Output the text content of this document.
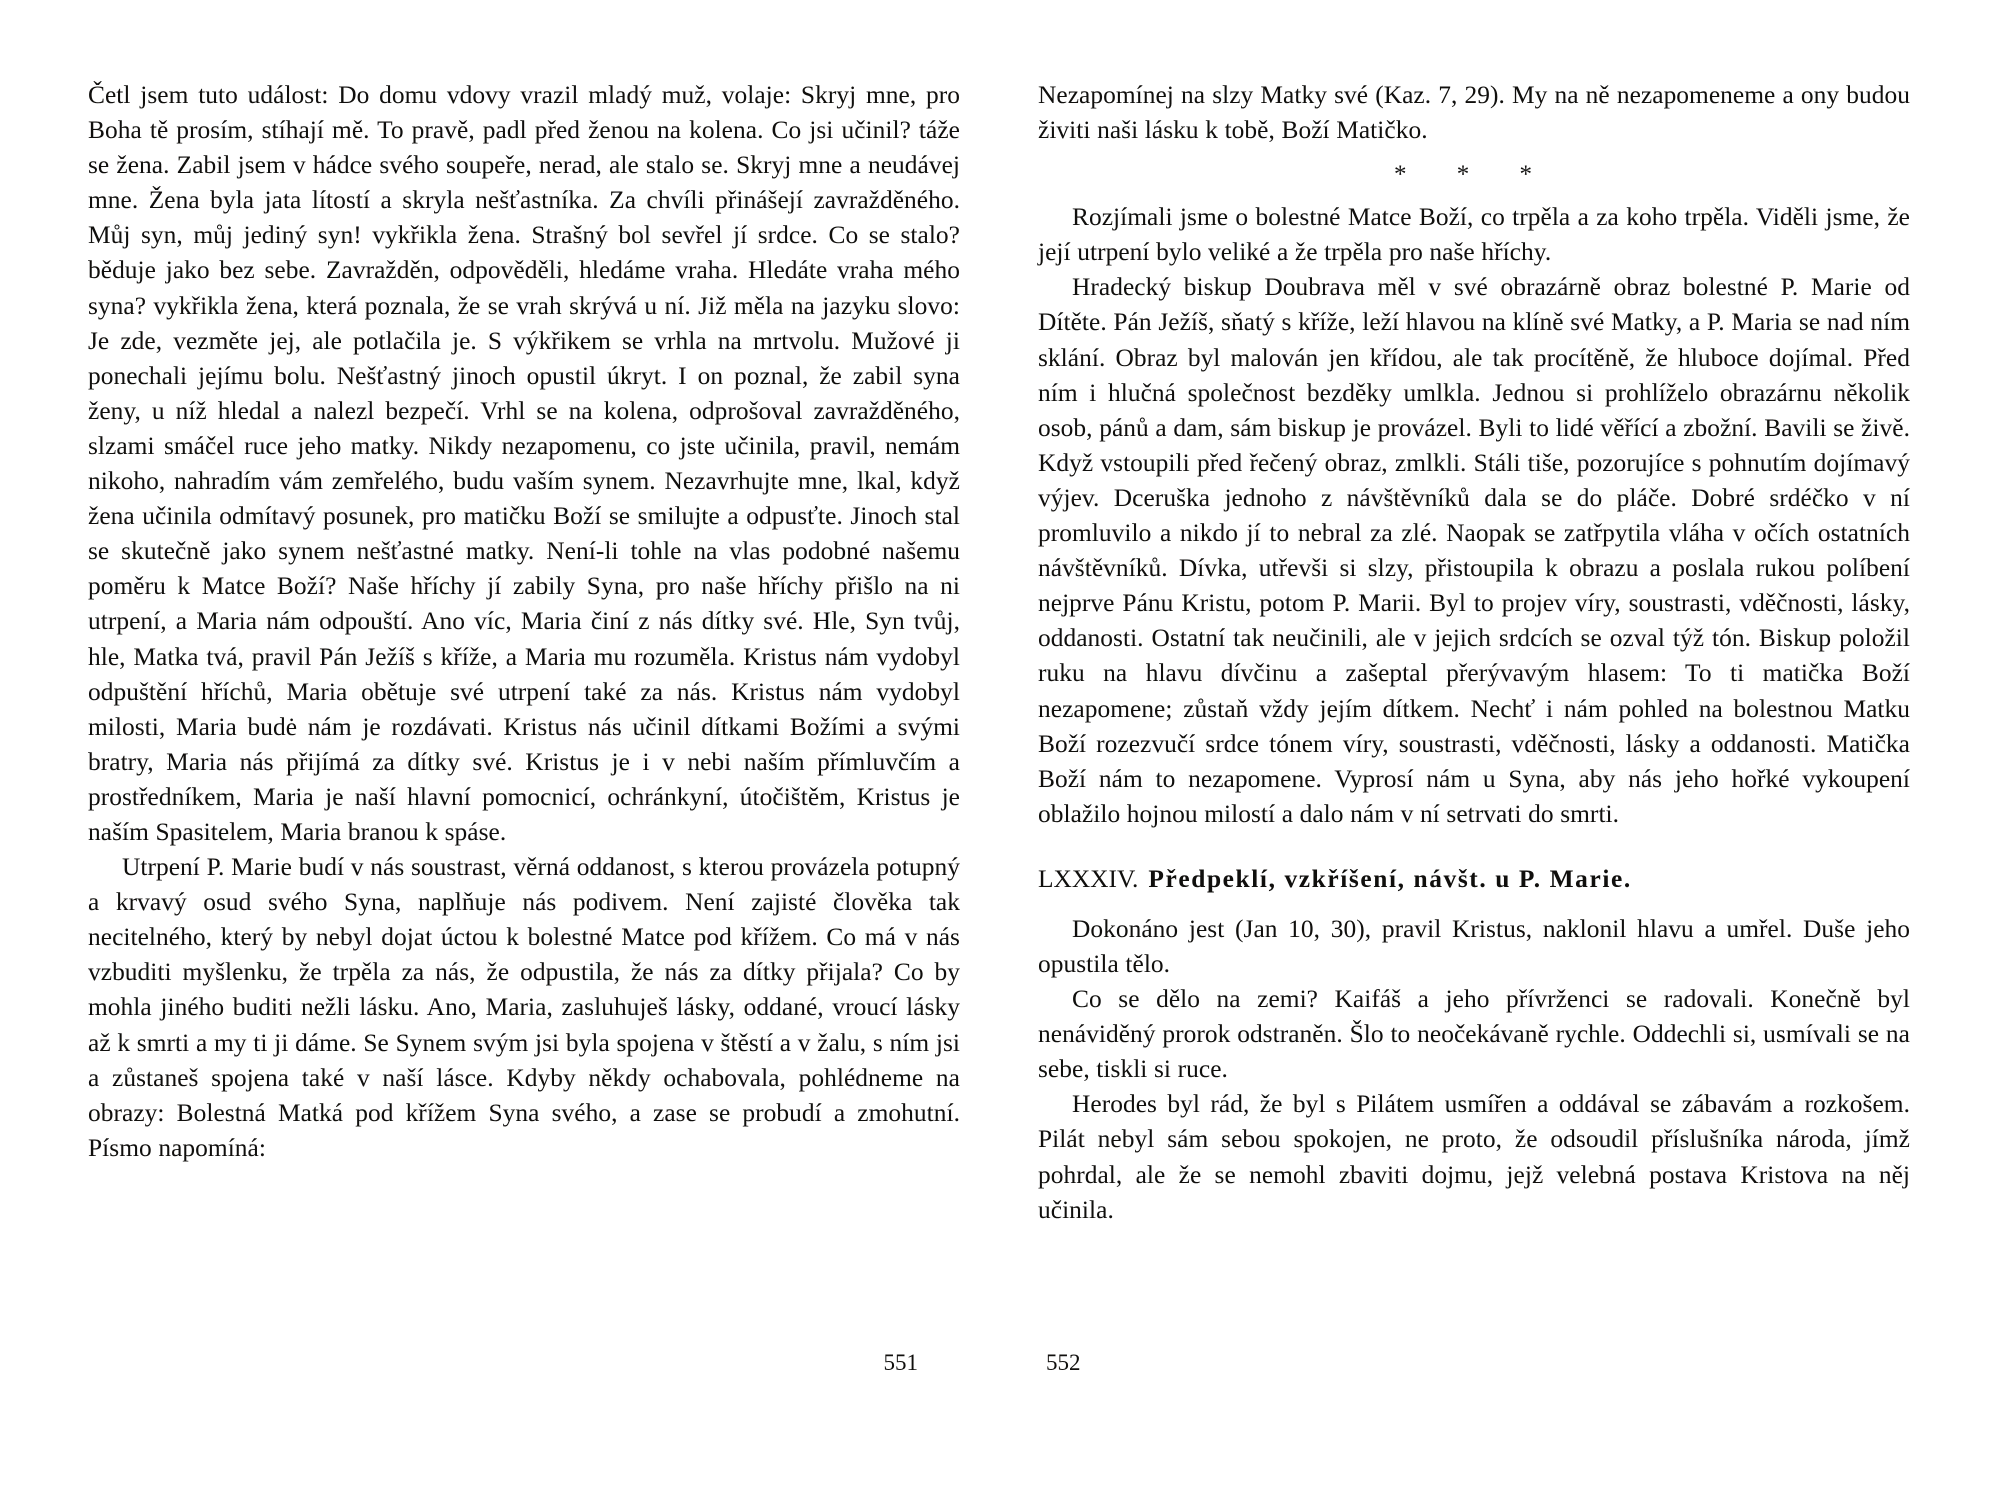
Četl jsem tuto událost: Do domu vdovy vrazil mladý muž, volaje: Skryj mne, pro Boha tě prosím, stíhají mě. To pravě, padl před ženou na kolena. Co jsi učinil? táže se žena. Zabil jsem v hádce svého soupeře, nerad, ale stalo se. Skryj mne a neudávej mne. Žena byla jata lítostí a skryla nešťastníka. Za chvíli přinášejí zavražděného. Můj syn, můj jediný syn! vykřikla žena. Strašný bol sevřel jí srdce. Co se stalo? běduje jako bez sebe. Zavražděn, odpověděli, hledáme vraha. Hledáte vraha mého syna? vykřikla žena, která poznala, že se vrah skrývá u ní. Již měla na jazyku slovo: Je zde, vezměte jej, ale potlačila je. S výkřikem se vrhla na mrtvolu. Mužové ji ponechali jejímu bolu. Nešťastný jinoch opustil úkryt. I on poznal, že zabil syna ženy, u níž hledal a nalezl bezpečí. Vrhl se na kolena, odprošoval zavražděného, slzami smáčel ruce jeho matky. Nikdy nezapomenu, co jste učinila, pravil, nemám nikoho, nahradím vám zemřelého, budu vaším synem. Nezavrhujte mne, lkal, když žena učinila odmítavý posunek, pro matičku Boží se smilujte a odpusťte. Jinoch stal se skutečně jako synem nešťastné matky. Není-li tohle na vlas podobné našemu poměru k Matce Boží? Naše hříchy jí zabily Syna, pro naše hříchy přišlo na ni utrpení, a Maria nám odpouští. Ano víc, Maria činí z nás dítky své. Hle, Syn tvůj, hle, Matka tvá, pravil Pán Ježíš s kříže, a Maria mu rozuměla. Kristus nám vydobyl odpuštění hříchů, Maria obětuje své utrpení také za nás. Kristus nám vydobyl milosti, Maria budė nám je rozdávati. Kristus nás učinil dítkami Božími a svými bratry, Maria nás přijímá za dítky své. Kristus je i v nebi naším přímluvčím a prostředníkem, Maria je naší hlavní pomocnicí, ochránkyní, útočištěm, Kristus je naším Spasitelem, Maria branou k spáse.

Utrpení P. Marie budí v nás soustrast, věrná oddanost, s kterou provázela potupný a krvavý osud svého Syna, naplňuje nás podivem. Není zajisté člověka tak necitelného, který by nebyl dojat úctou k bolestné Matce pod křížem. Co má v nás vzbuditi myšlenku, že trpěla za nás, že odpustila, že nás za dítky přijala? Co by mohla jiného buditi nežli lásku. Ano, Maria, zasluhuješ lásky, oddané, vroucí lásky až k smrti a my ti ji dáme. Se Synem svým jsi byla spojena v štěstí a v žalu, s ním jsi a zůstaneš spojena také v naší lásce. Kdyby někdy ochabovala, pohlédneme na obrazy: Bolestná Matká pod křížem Syna svého, a zase se probudí a zmohutní. Písmo napomíná:

Nezapomínej na slzy Matky své (Kaz. 7, 29). My na ně nezapomeneme a ony budou živiti naši lásku k tobě, Boží Matičko.

* * *

Rozjímali jsme o bolestné Matce Boží, co trpěla a za koho trpěla. Viděli jsme, že její utrpení bylo veliké a že trpěla pro naše hříchy.

Hradecký biskup Doubrava měl v své obrazárně obraz bolestné P. Marie od Dítěte. Pán Ježíš, sňatý s kříže, leží hlavou na klíně své Matky, a P. Maria se nad ním sklání. Obraz byl malován jen křídou, ale tak procítěně, že hluboce dojímal. Před ním i hlučná společnost bezděky umlkla. Jednou si prohlíželo obrazárnu několik osob, pánů a dam, sám biskup je provázel. Byli to lidé věřící a zbožní. Bavili se živě. Když vstoupili před řečený obraz, zmlkli. Stáli tiše, pozorujíce s pohnutím dojímavý výjev. Dceruška jednoho z návštěvníků dala se do pláče. Dobré srdéčko v ní promluvilo a nikdo jí to nebral za zlé. Naopak se zatřpytila vláha v očích ostatních návštěvníků. Dívka, utřevši si slzy, přistoupila k obrazu a poslala rukou políbení nejprve Pánu Kristu, potom P. Marii. Byl to projev víry, soustrasti, vděčnosti, lásky, oddanosti. Ostatní tak neučinili, ale v jejich srdcích se ozval týž tón. Biskup položil ruku na hlavu dívčinu a zašeptal přerývavým hlasem: To ti matička Boží nezapomene; zůstaň vždy jejím dítkem. Nechť i nám pohled na bolestnou Matku Boží rozezvučí srdce tónem víry, soustrasti, vděčnosti, lásky a oddanosti. Matička Boží nám to nezapomene. Vyprosí nám u Syna, aby nás jeho hořké vykoupení oblažilo hojnou milostí a dalo nám v ní setrvati do smrti.

LXXXIV. Předpeklí, vzkříšení, návšt. u P. Marie.

Dokonáno jest (Jan 10, 30), pravil Kristus, naklonil hlavu a umřel. Duše jeho opustila tělo.

Co se dělo na zemi? Kaifáš a jeho přívrženci se radovali. Konečně byl nenáviděný prorok odstraněn. Šlo to neočekávaně rychle. Oddechli si, usmívali se na sebe, tiskli si ruce.

Herodes byl rád, že byl s Pilátem usmířen a oddával se zábavám a rozkošem. Pilát nebyl sám sebou spokojen, ne proto, že odsoudil příslušníka národa, jímž pohrdal, ale že se nemohl zbaviti dojmu, jejž velebná postava Kristova na něj učinila.

551	552
